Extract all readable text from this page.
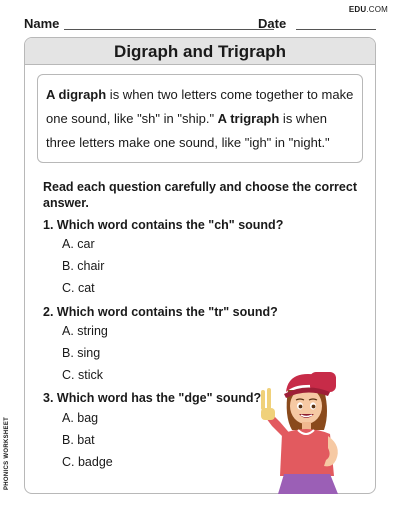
EDU.COM
Name	Date
Digraph and Trigraph
A digraph is when two letters come together to make one sound, like "sh" in "ship." A trigraph is when three letters make one sound, like "igh" in "night."
Read each question carefully and choose the correct answer.
1. Which word contains the "ch" sound?
A. car
B. chair
C. cat
2. Which word contains the "tr" sound?
A. string
B. sing
C. stick
3. Which word has the "dge" sound?
A. bag
B. bat
C. badge
PHONICS WORKSHEET
